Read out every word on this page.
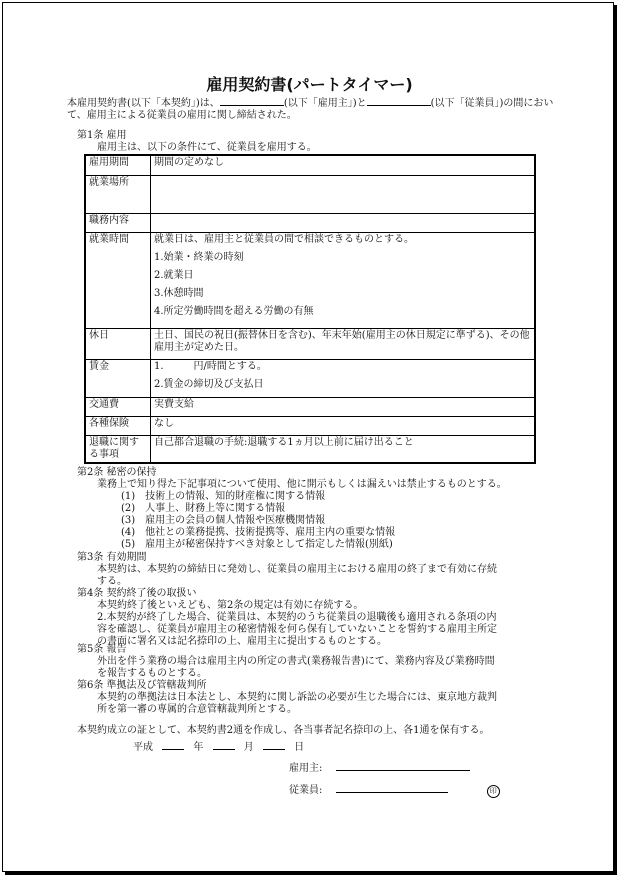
雇用契約書(パートタイマー)
本雇用契約書(以下「本契約」)は、	(以下「雇用主」)と	(以下「従業員」)の間において、雇用主による従業員の雇用に関し締結された。
第1条 雇用
雇用主は、以下の条件にて、従業員を雇用する。
雇用期間	期間の定めなし
就業場所	
職務内容	
就業時間	就業日は、雇用主と従業員の間で相談できるものとする。
1.始業・終業の時刻
2.就業日
3.休憩時間
4.所定労働時間を超える労働の有無

休日	土日、国民の祝日(振替休日を含む)、年末年始(雇用主の休日規定に準ずる)、その他雇用主が定めた日。
賃金	1.　　　円/時間とする。
2.賃金の締切及び支払日

交通費	実費支給
各種保険	なし
退職に関する事項	自己都合退職の手続:退職する1ヵ月以上前に届け出ること
第2条 秘密の保持
業務上で知り得た下記事項について使用、他に開示もしくは漏えいは禁止するものとする。
(1)　技術上の情報、知的財産権に関する情報
(2)　人事上、財務上等に関する情報
(3)　雇用主の会員の個人情報や医療機関情報
(4)　他社との業務提携、技術提携等、雇用主内の重要な情報
(5)　雇用主が秘密保持すべき対象として指定した情報(別紙)
第3条 有効期間
本契約は、本契約の締結日に発効し、従業員の雇用主における雇用の終了まで有効に存続
する。
第4条 契約終了後の取扱い
本契約終了後といえども、第2条の規定は有効に存続する。
2.本契約が終了した場合、従業員は、本契約のうち従業員の退職後も適用される条項の内
容を確認し、従業員が雇用主の秘密情報を何ら保有していないことを誓約する雇用主所定
の書面に署名又は記名捺印の上、雇用主に提出するものとする。
第5条 報告
外出を伴う業務の場合は雇用主内の所定の書式(業務報告書)にて、業務内容及び業務時間
を報告するものとする。
第6条 準拠法及び管轄裁判所
本契約の準拠法は日本法とし、本契約に関し訴訟の必要が生じた場合には、東京地方裁判
所を第一審の専属的合意管轄裁判所とする。
本契約成立の証として、本契約書2通を作成し、各当事者記名捺印の上、各1通を保有する。
平成	年	月	日
雇用主:
従業員:	印
